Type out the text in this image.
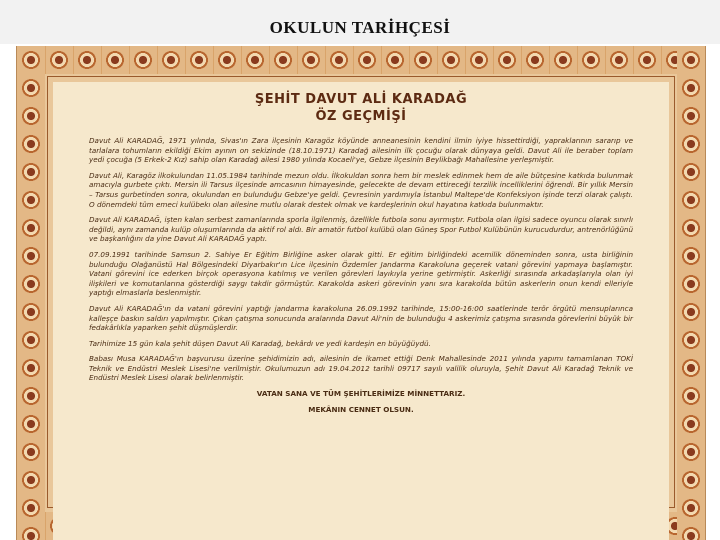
OKULUN TARİHÇESİ
ŞEHİT DAVUT ALİ KARADAĞ
ÖZ GEÇMİŞİ

Davut Ali KARADAĞ, 1971 yılında, Sivas'ın Zara ilçesinin Karagöz köyünde anneanesinin kendini ilmin iyiye hissettirdiği, yapraklarının sararıp ve tarlalara tohumların ekildiği Ekim ayının on sekizinde (18.10.1971) Karadağ ailesinin ilk çocuğu olarak dünyaya geldi. Davut Ali ile beraber toplam yedi çocuğa (5 Erkek-2 Kız) sahip olan Karadağ ailesi 1980 yılında Kocaeli'ye, Gebze ilçesinin Beylikbağı Mahallesine yerleşmiştir.

Davut Ali, Karagöz ilkokulundan 11.05.1984 tarihinde mezun oldu. İlkokuldan sonra hem bir meslek edinmek hem de aile bütçesine katkıda bulunmak amacıyla gurbete çıktı. Mersin ili Tarsus ilçesinde amcasının himayesinde, gelecekte de devam ettireceği terzilik incelliklerini öğrendi. Bir yıllık Mersin – Tarsus gurbetinden sonra, okulundan en bulunduğu Gebze'ye geldi. Çevresinin yardımıyla İstanbul Maltepe'de Konfeksiyon işinde terzi olarak çalıştı. O dönemdeki tüm emeci kulübekı olan ailesine mutlu olarak destek olmak ve kardeşlerinin okul hayatına katkıda bulunmaktır.

Davut Ali KARADAĞ, işten kalan serbest zamanlarında sporla ilgilenmiş, özellikle futbola sonu ayırmıştır. Futbola olan ilgisi sadece oyuncu olarak sınırlı değildi, aynı zamanda kulüp oluşumlarında da aktif rol aldı. Bir amatör futbol kulübü olan Güneş Spor Futbol Kulübünün kurucudurdur, antrenörlüğünü ve başkanlığını da yine Davut Ali KARADAĞ yaptı.

07.09.1991 tarihinde Samsun 2. Sahiye Er Eğitim Birliğine asker olarak gitti. Er eğitim birliğindeki acemilik döneminden sonra, usta birliğinin bulunduğu Olağanüstü Hal Bölgesindeki Diyarbakır'ın Lice ilçesinin Özdemler Jandarma Karakoluna geçerek vatani görevini yapmaya başlamıştır. Vatani görevini ice ederken birçok operasyona katılmış ve verilen görevleri layıkıyla yerine getirmiştir. Askerliği sırasında arkadaşlarıyla olan iyi ilişkileri ve komutanlarına gösterdiği saygı takdir görmüştür. Karakolda askeri görevinin yanı sıra karakolda bütün askerlerin onun kendi elleriyle yaptığı elmaslarla beslenmiştir.

Davut Ali KARADAĞ'ın da vatani görevini yaptığı jandarma karakoluna 26.09.1992 tarihinde, 15:00-16:00 saatlerinde terör örgütü mensuplarınca kalleşçe baskın saldırı yapılmıştır. Çıkan çatışma sonucunda aralarında Davut Ali'nin de bulunduğu 4 askerimiz çatışma sırasında görevlerini büyük bir fedakârlıkla yaparken şehit düşmüşlerdir.

Tarihimize 15 gün kala şehit düşen Davut Ali Karadağ, bekârdı ve yedi kardeşin en büyüğüydü.

Babası Musa KARADAĞ'ın başvurusu üzerine şehidimizin adı, ailesinin de ikamet ettiği Denk Mahallesinde 2011 yılında yapımı tamamlanan TOKİ Teknik ve Endüstri Meslek Lisesi'ne verilmiştir. Okulumuzun adı 19.04.2012 tarihli 09717 sayılı valilik oluruyla, Şehit Davut Ali Karadağ Teknik ve Endüstri Meslek Lisesi olarak belirlenmiştir.

VATAN SANA VE TÜM ŞEHİTLERİMİZE MİNNETTARIZ.

MEKÂNIN CENNET OLSUN.
